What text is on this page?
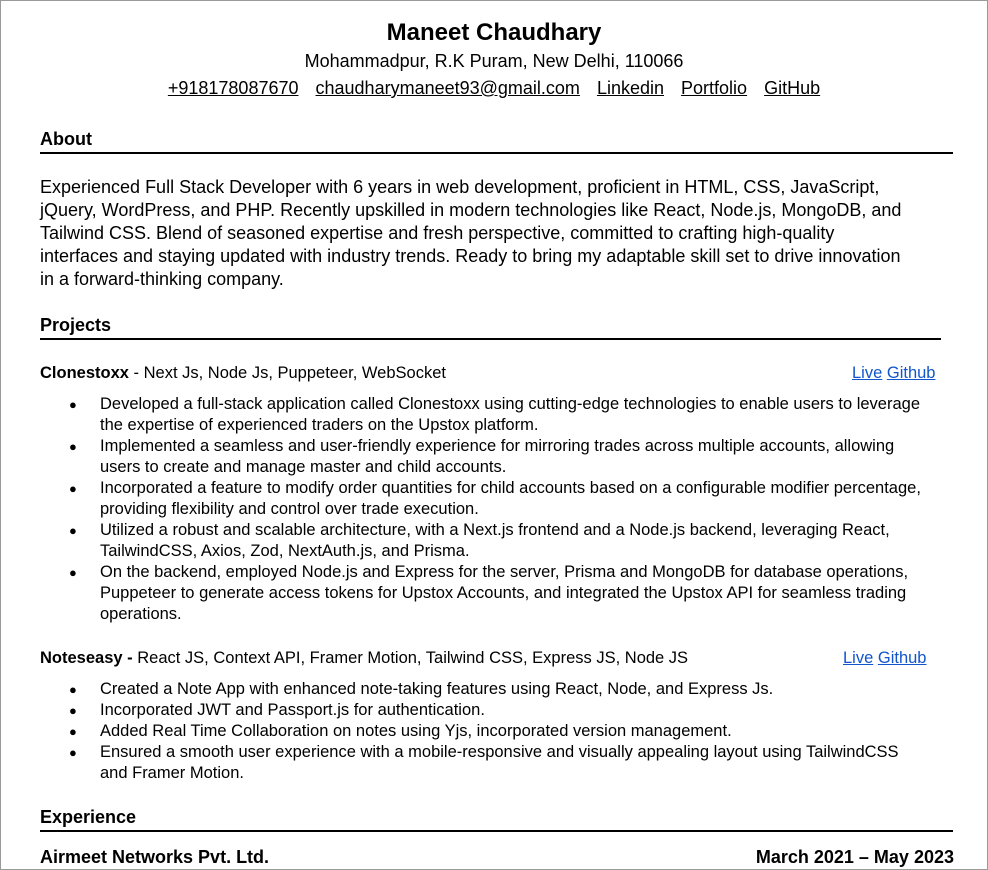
Maneet Chaudhary
Mohammadpur, R.K Puram, New Delhi, 110066
+918178087670 chaudharymaneet93@gmail.com Linkedin Portfolio GitHub
About
Experienced Full Stack Developer with 6 years in web development, proficient in HTML, CSS, JavaScript, jQuery, WordPress, and PHP. Recently upskilled in modern technologies like React, Node.js, MongoDB, and Tailwind CSS. Blend of seasoned expertise and fresh perspective, committed to crafting high-quality interfaces and staying updated with industry trends. Ready to bring my adaptable skill set to drive innovation in a forward-thinking company.
Projects
Clonestoxx - Next Js, Node Js, Puppeteer, WebSocket	Live Github
● Developed a full-stack application called Clonestoxx using cutting-edge technologies to enable users to leverage the expertise of experienced traders on the Upstox platform.
● Implemented a seamless and user-friendly experience for mirroring trades across multiple accounts, allowing users to create and manage master and child accounts.
● Incorporated a feature to modify order quantities for child accounts based on a configurable modifier percentage, providing flexibility and control over trade execution.
● Utilized a robust and scalable architecture, with a Next.js frontend and a Node.js backend, leveraging React, TailwindCSS, Axios, Zod, NextAuth.js, and Prisma.
● On the backend, employed Node.js and Express for the server, Prisma and MongoDB for database operations, Puppeteer to generate access tokens for Upstox Accounts, and integrated the Upstox API for seamless trading operations.
Noteseasy - React JS, Context API, Framer Motion, Tailwind CSS, Express JS, Node JS	Live Github
● Created a Note App with enhanced note-taking features using React, Node, and Express Js.
● Incorporated JWT and Passport.js for authentication.
● Added Real Time Collaboration on notes using Yjs, incorporated version management.
● Ensured a smooth user experience with a mobile-responsive and visually appealing layout using TailwindCSS and Framer Motion.
Experience
Airmeet Networks Pvt. Ltd.	March 2021 – May 2023
